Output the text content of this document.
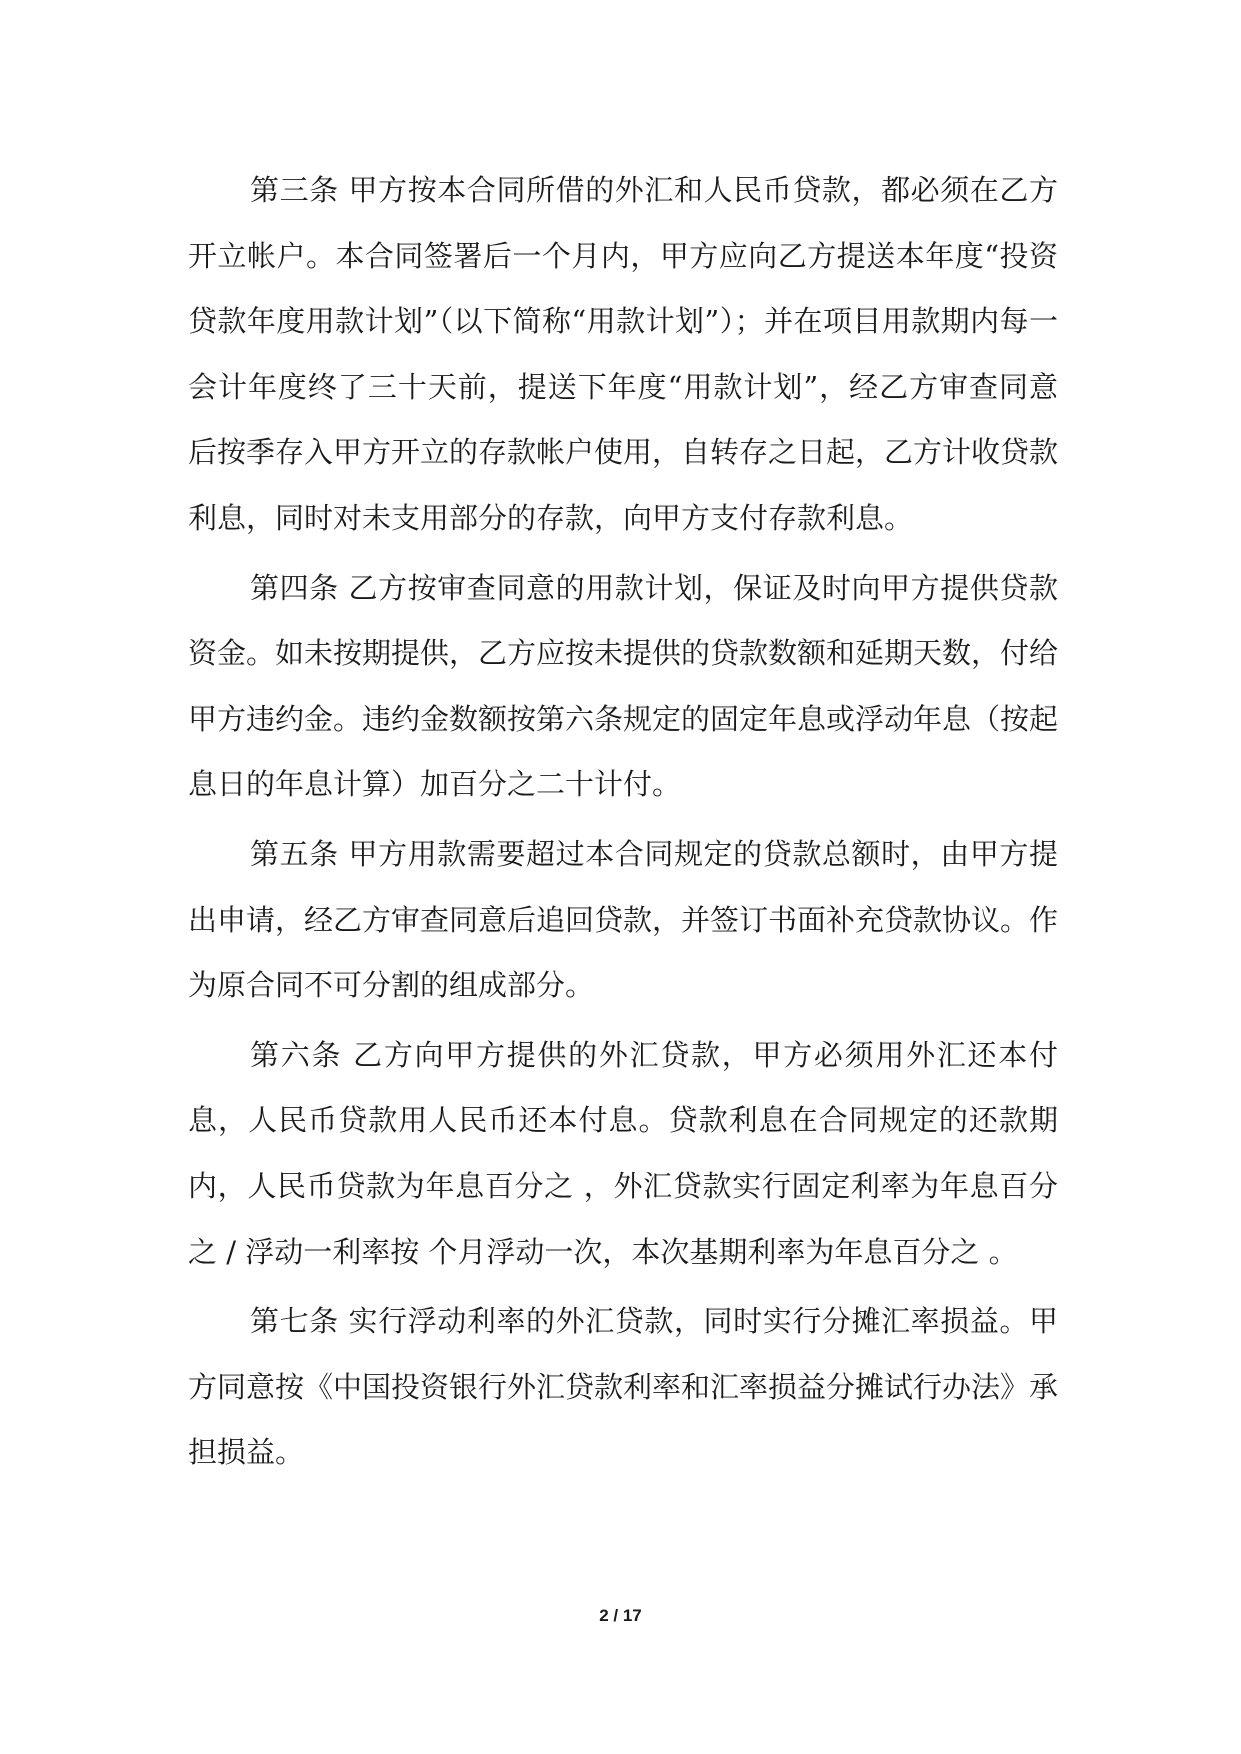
第三条 甲方按本合同所借的外汇和人民币贷款，都必须在乙方开立帐户。本合同签署后一个月内，甲方应向乙方提送本年度“投资贷款年度用款计划”（以下简称“用款计划”）；并在项目用款期内每一会计年度终了三十天前，提送下年度“用款计划”，经乙方审查同意后按季存入甲方开立的存款帐户使用，自转存之日起，乙方计收贷款利息，同时对未支用部分的存款，向甲方支付存款利息。

第四条 乙方按审查同意的用款计划，保证及时向甲方提供贷款资金。如未按期提供，乙方应按未提供的贷款数额和延期天数，付给甲方违约金。违约金数额按第六条规定的固定年息或浮动年息（按起息日的年息计算）加百分之二十计付。

第五条 甲方用款需要超过本合同规定的贷款总额时，由甲方提出申请，经乙方审查同意后追回贷款，并签订书面补充贷款协议。作为原合同不可分割的组成部分。

第六条 乙方向甲方提供的外汇贷款，甲方必须用外汇还本付息，人民币贷款用人民币还本付息。贷款利息在合同规定的还款期内，人民币贷款为年息百分之 ，外汇贷款实行固定利率为年息百分之 / 浮动一利率按 个月浮动一次，本次基期利率为年息百分之 。

第七条 实行浮动利率的外汇贷款，同时实行分摊汇率损益。甲方同意按《中国投资银行外汇贷款利率和汇率损益分摊试行办法》承担损益。

2 / 17
